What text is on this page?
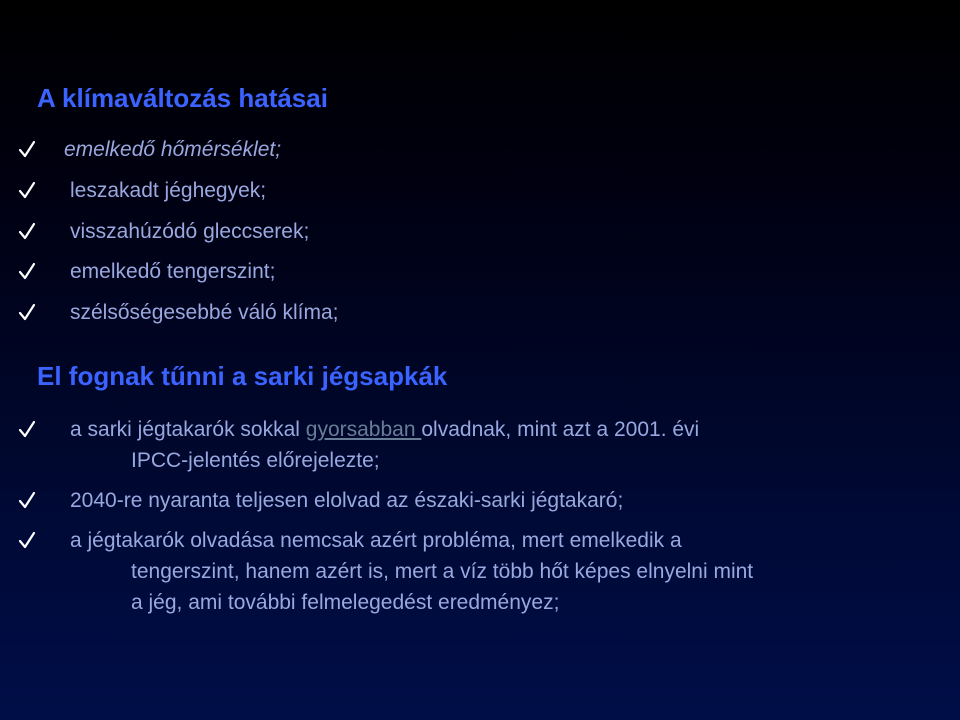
A klímaváltozás hatásai
emelkedő hőmérséklet;
leszakadt jéghegyek;
visszahúzódó gleccserek;
emelkedő tengerszint;
szélsőségesebbé váló klíma;
El fognak tűnni a sarki jégsapkák
a sarki jégtakarók sokkal gyorsabban olvadnak, mint azt a 2001. évi
IPCC-jelentés előrejelezte;
2040-re nyaranta teljesen elolvad az északi-sarki jégtakaró;
a jégtakarók olvadása nemcsak azért probléma, mert emelkedik a
tengerszint, hanem azért is, mert a víz több hőt képes elnyelni mint
a jég, ami további felmelegedést eredményez;
